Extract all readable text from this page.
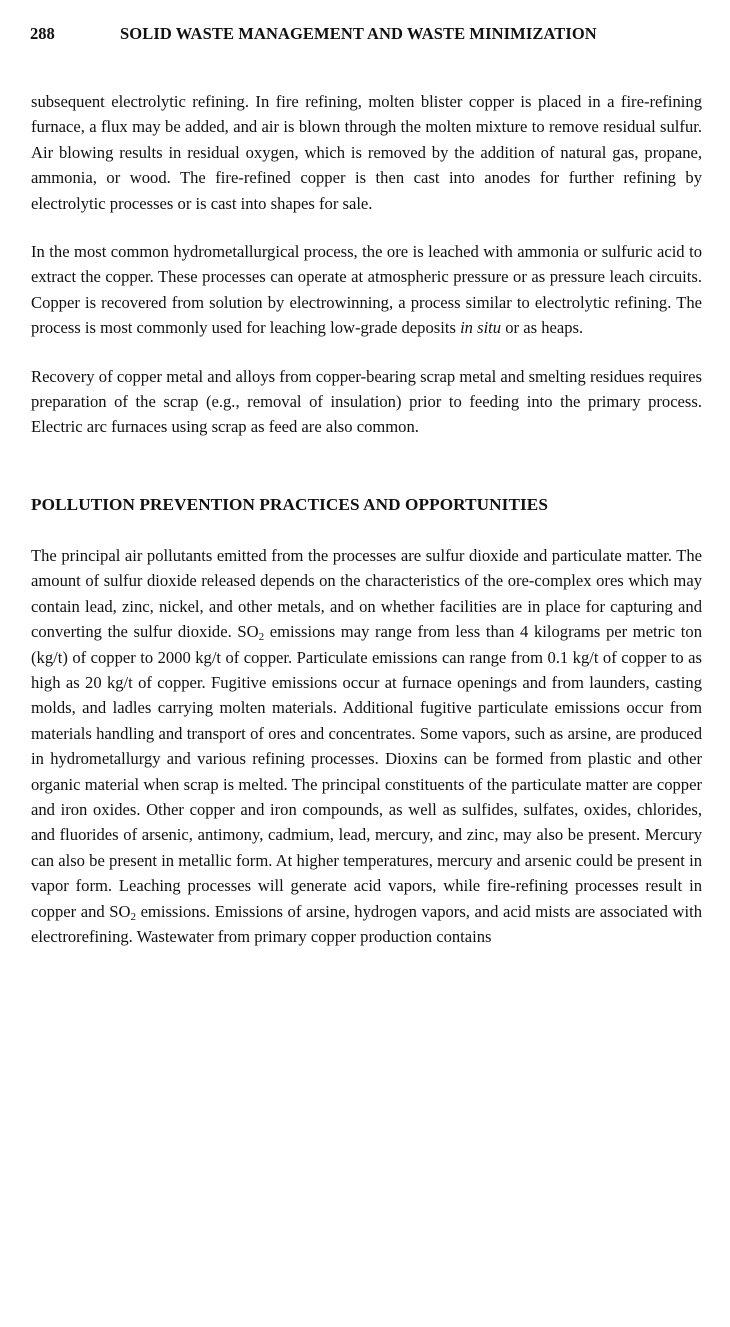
288	SOLID WASTE MANAGEMENT AND WASTE MINIMIZATION

subsequent electrolytic refining. In fire refining, molten blister copper is placed in a fire-refining furnace, a flux may be added, and air is blown through the molten mixture to remove residual sulfur. Air blowing results in residual oxygen, which is removed by the addition of natural gas, propane, ammonia, or wood. The fire-refined copper is then cast into anodes for further refining by electrolytic processes or is cast into shapes for sale.

In the most common hydrometallurgical process, the ore is leached with ammonia or sulfuric acid to extract the copper. These processes can operate at atmospheric pressure or as pressure leach circuits. Copper is recovered from solution by electrowinning, a process similar to electrolytic refining. The process is most commonly used for leaching low-grade deposits in situ or as heaps.

Recovery of copper metal and alloys from copper-bearing scrap metal and smelting residues requires preparation of the scrap (e.g., removal of insulation) prior to feeding into the primary process. Electric arc furnaces using scrap as feed are also common.

POLLUTION PREVENTION PRACTICES AND OPPORTUNITIES

The principal air pollutants emitted from the processes are sulfur dioxide and particulate matter. The amount of sulfur dioxide released depends on the characteristics of the ore-complex ores which may contain lead, zinc, nickel, and other metals, and on whether facilities are in place for capturing and converting the sulfur dioxide. $SO_2$ emissions may range from less than 4 kilograms per metric ton (kg/t) of copper to 2000 kg/t of copper. Particulate emissions can range from 0.1 kg/t of copper to as high as 20 kg/t of copper. Fugitive emissions occur at furnace openings and from launders, casting molds, and ladles carrying molten materials. Additional fugitive particulate emissions occur from materials handling and transport of ores and concentrates. Some vapors, such as arsine, are produced in hydrometallurgy and various refining processes. Dioxins can be formed from plastic and other organic material when scrap is melted. The principal constituents of the particulate matter are copper and iron oxides. Other copper and iron compounds, as well as sulfides, sulfates, oxides, chlorides, and fluorides of arsenic, antimony, cadmium, lead, mercury, and zinc, may also be present. Mercury can also be present in metallic form. At higher temperatures, mercury and arsenic could be present in vapor form. Leaching processes will generate acid vapors, while fire-refining processes result in copper and $SO_2$ emissions. Emissions of arsine, hydrogen vapors, and acid mists are associated with electrorefining. Wastewater from primary copper production contains
